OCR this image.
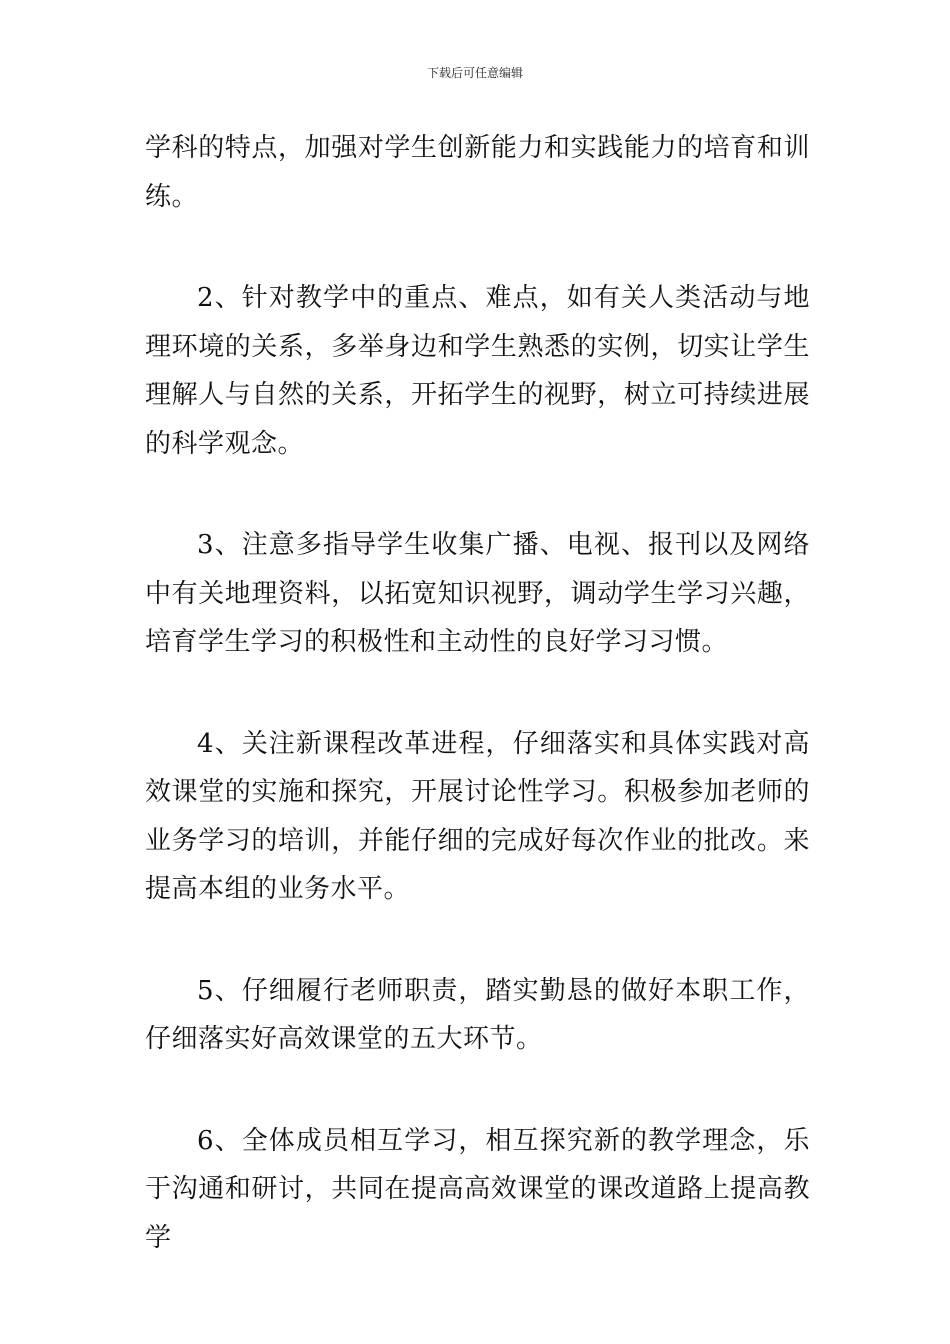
下载后可任意编辑

学科的特点，加强对学生创新能力和实践能力的培育和训练。

2、针对教学中的重点、难点，如有关人类活动与地理环境的关系，多举身边和学生熟悉的实例，切实让学生理解人与自然的关系，开拓学生的视野，树立可持续进展的科学观念。

3、注意多指导学生收集广播、电视、报刊以及网络中有关地理资料，以拓宽知识视野，调动学生学习兴趣，培育学生学习的积极性和主动性的良好学习习惯。

4、关注新课程改革进程，仔细落实和具体实践对高效课堂的实施和探究，开展讨论性学习。积极参加老师的业务学习的培训，并能仔细的完成好每次作业的批改。来提高本组的业务水平。

5、仔细履行老师职责，踏实勤恳的做好本职工作，仔细落实好高效课堂的五大环节。

6、全体成员相互学习，相互探究新的教学理念，乐于沟通和研讨，共同在提高高效课堂的课改道路上提高教学
